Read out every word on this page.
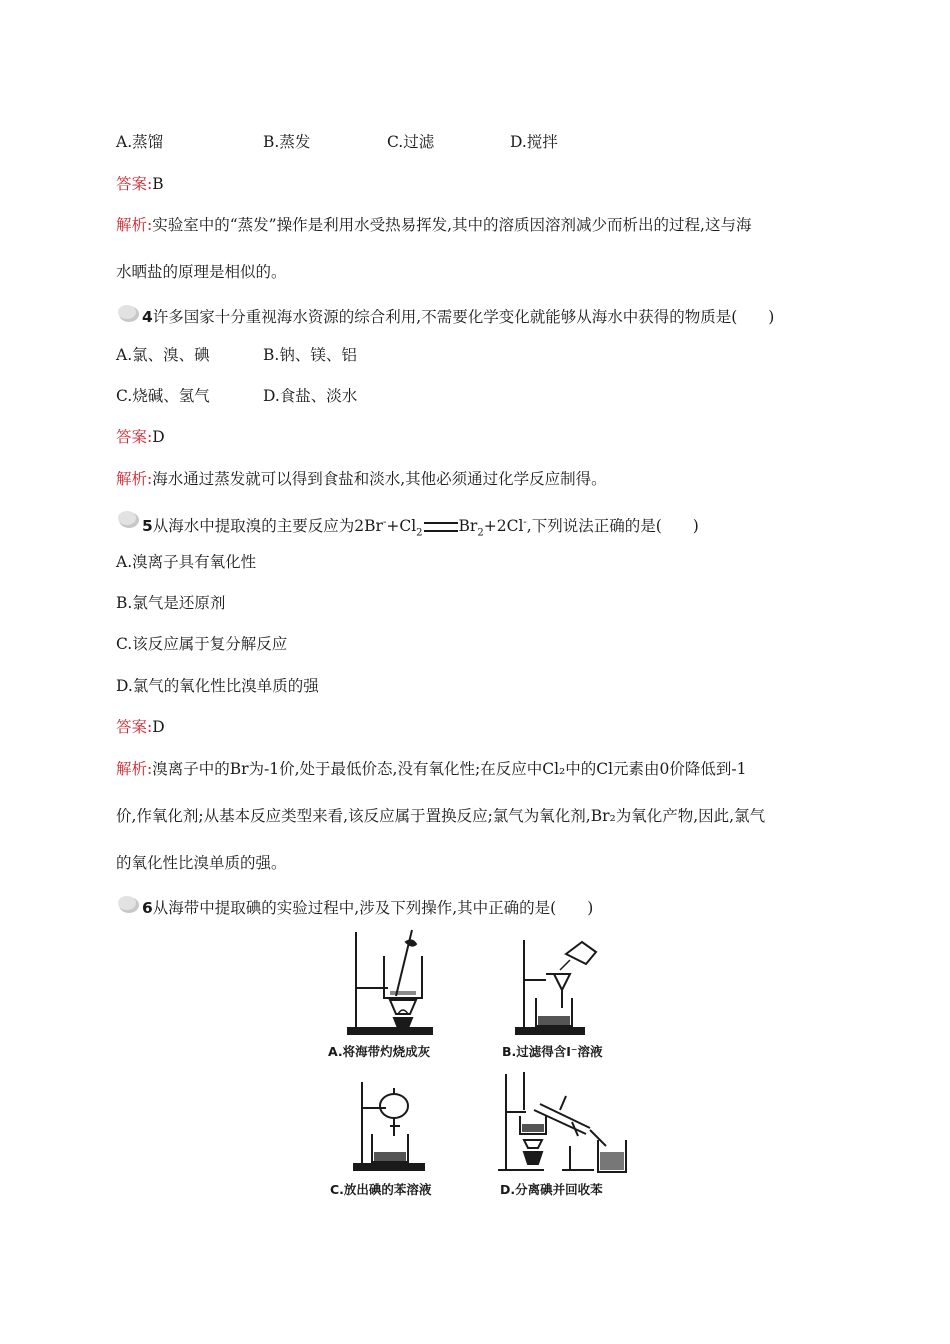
A.蒸馏	B.蒸发	C.过滤	D.搅拌
答案:B
解析:实验室中的“蒸发”操作是利用水受热易挥发,其中的溶质因溶剂减少而析出的过程,这与海
水晒盐的原理是相似的。
4许多国家十分重视海水资源的综合利用,不需要化学变化就能够从海水中获得的物质是(　　)
A.氯、溴、碘	B.钠、镁、铝
C.烧碱、氢气	D.食盐、淡水
答案:D
解析:海水通过蒸发就可以得到食盐和淡水,其他必须通过化学反应制得。
5从海水中提取溴的主要反应为$2Br^-+Cl_2$ $Br_2+2Cl^-$,下列说法正确的是(　　)
A.溴离子具有氧化性
B.氯气是还原剂
C.该反应属于复分解反应
D.氯气的氧化性比溴单质的强
答案:D
解析:溴离子中的Br为-1价,处于最低价态,没有氧化性;在反应中Cl₂中的Cl元素由0价降低到-1
价,作氧化剂;从基本反应类型来看,该反应属于置换反应;氯气为氧化剂,Br₂为氧化产物,因此,氯气
的氧化性比溴单质的强。
6从海带中提取碘的实验过程中,涉及下列操作,其中正确的是(　　)
A.将海带灼烧成灰	B.过滤得含I⁻溶液
C.放出碘的苯溶液	D.分离碘并回收苯
